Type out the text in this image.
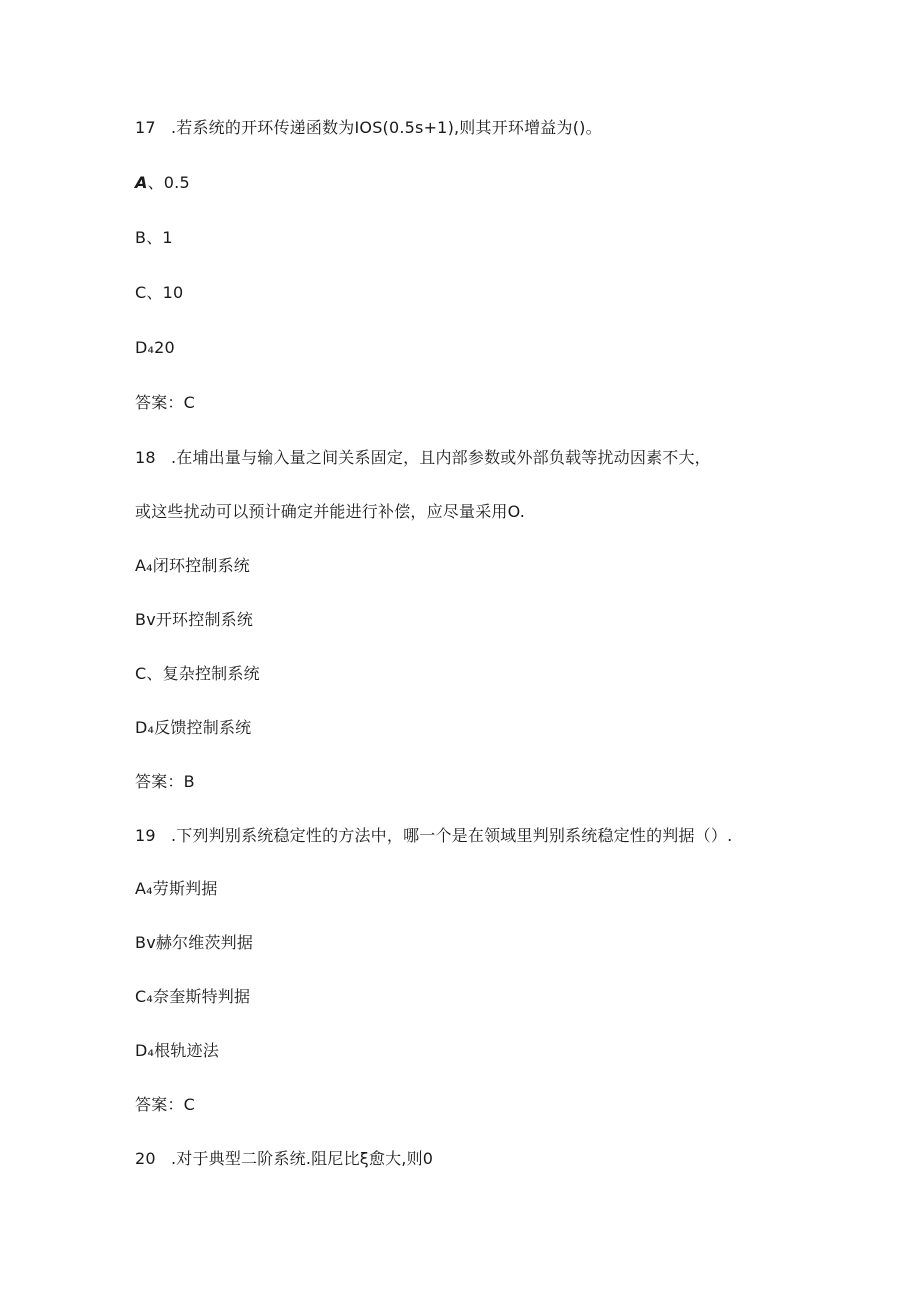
17 .若系统的开环传递函数为IOS(0.5s+1),则其开环增益为()。
A、0.5
B、1
C、10
D₄20
答案：C
18 .在埔出量与输入量之间关系固定，且内部参数或外部负载等扰动因素不大，
或这些扰动可以预计确定并能进行补偿，应尽量采用O.
A₄闭环控制系统
Bv开环控制系统
C、复杂控制系统
D₄反馈控制系统
答案：B
19 .下列判别系统稳定性的方法中，哪一个是在领域里判别系统稳定性的判据（）.
A₄劳斯判据
Bv赫尔维茨判据
C₄奈奎斯特判据
D₄根轨迹法
答案：C
20 .对于典型二阶系统.阻尼比ξ愈大,则0
